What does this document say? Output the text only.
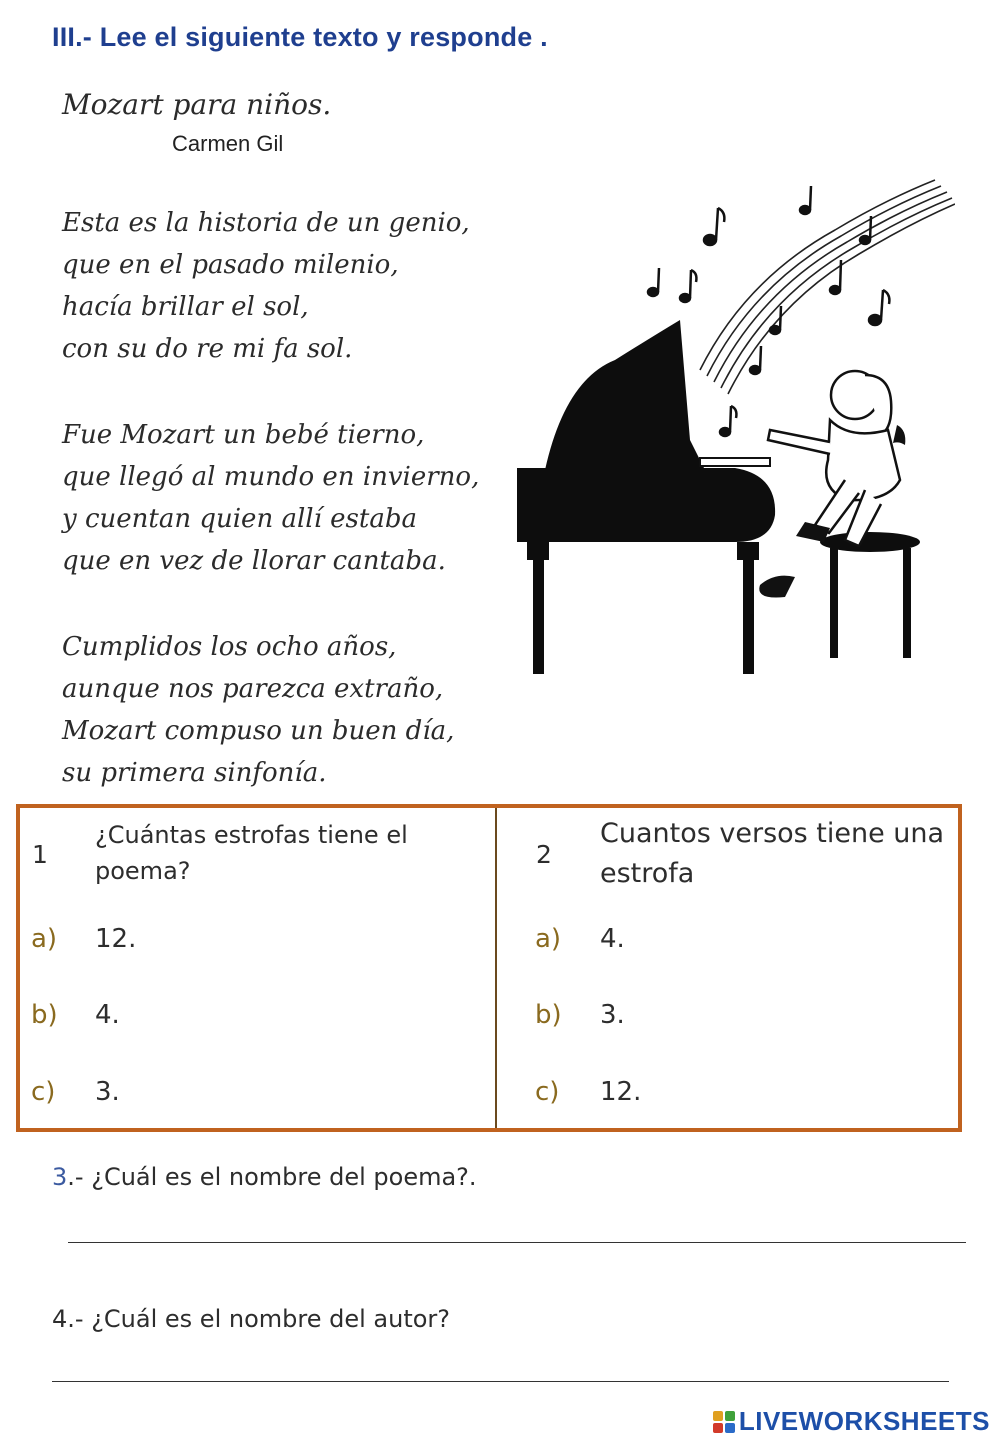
III.- Lee el siguiente texto y responde .
Mozart para niños.
Carmen Gil
Esta es la historia de un genio,
que en el pasado milenio,
hacía brillar el sol,
con su do re mi fa sol.
Fue Mozart un bebé tierno,
que llegó al mundo en invierno,
y cuentan quien allí estaba
que en vez de llorar cantaba.
Cumplidos los ocho años,
aunque nos parezca extraño,
Mozart compuso un buen día,
su primera sinfonía.
1
¿Cuántas estrofas tiene el poema?
a) 12.
b) 4.
c) 3.
2
Cuantos versos tiene una estrofa
a) 4.
b) 3.
c) 12.
3.- ¿Cuál es el nombre del poema?.
4.- ¿Cuál es el nombre del autor?
LIVEWORKSHEETS
